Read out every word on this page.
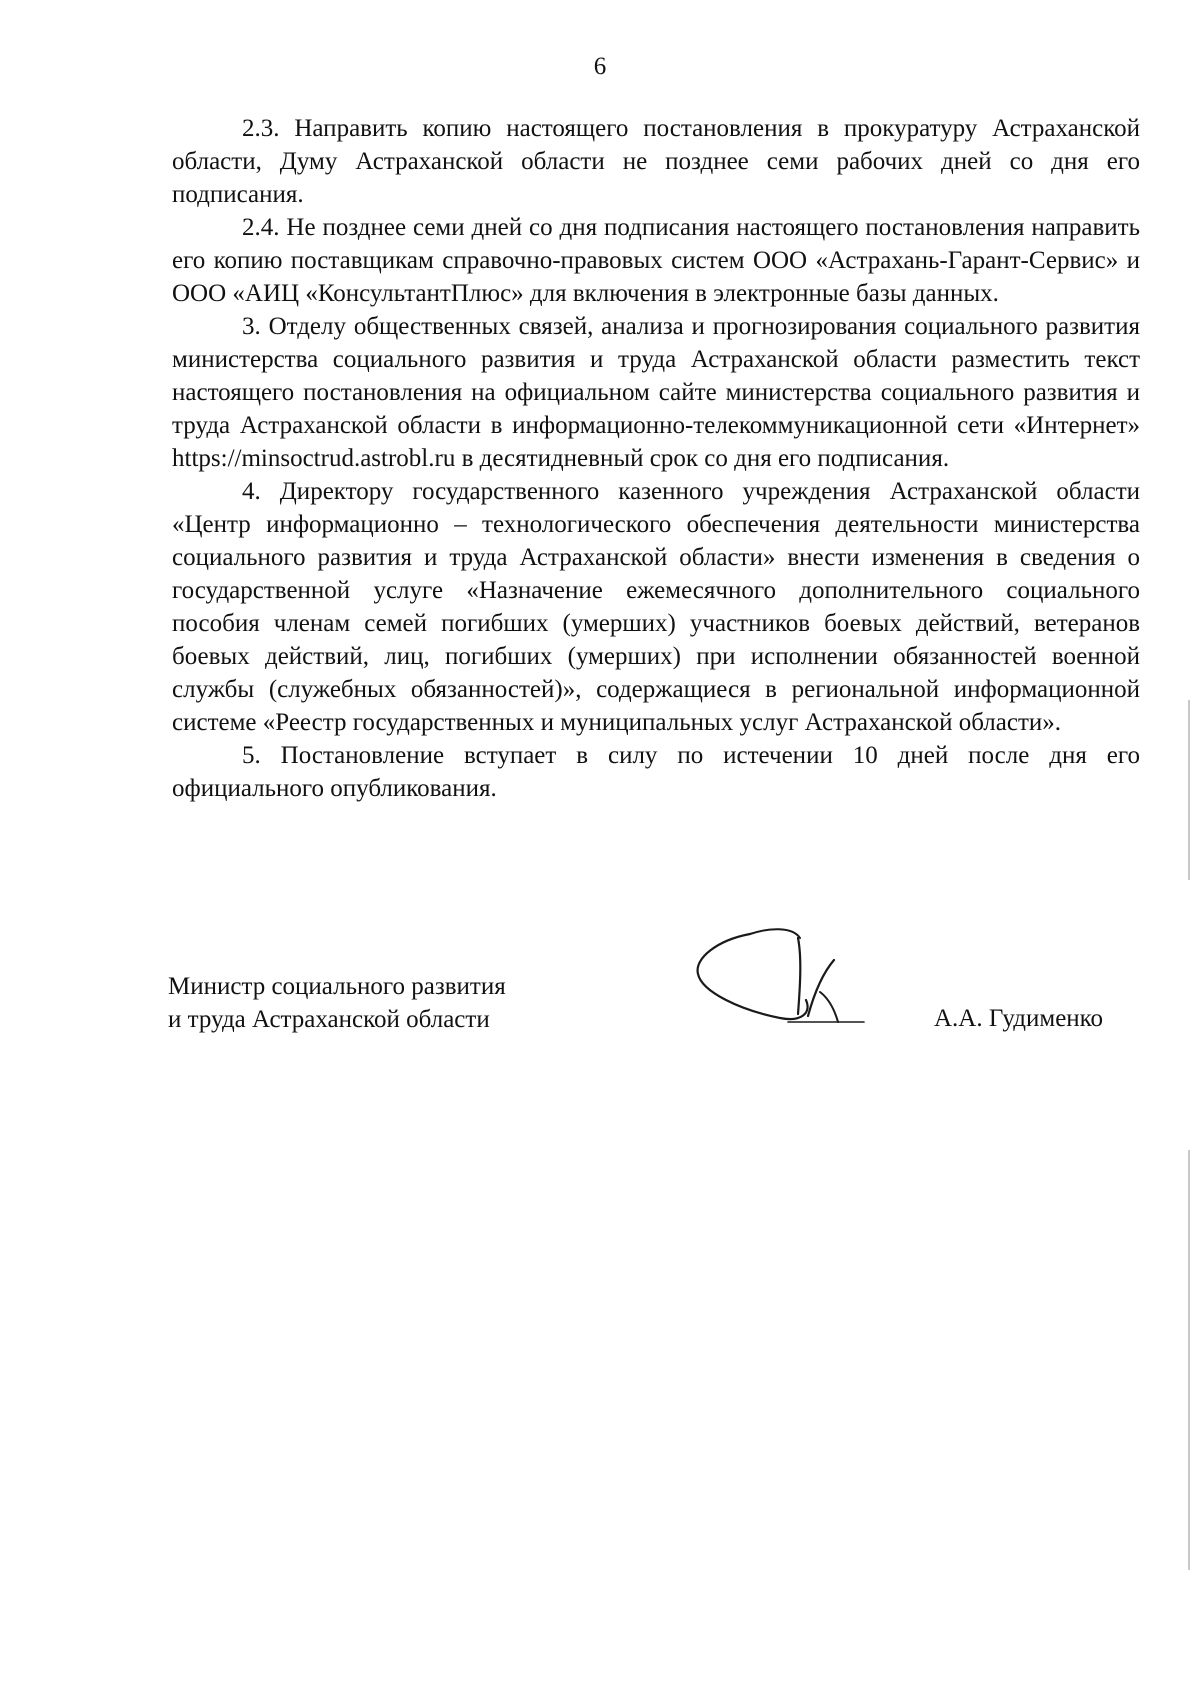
6

2.3. Направить копию настоящего постановления в прокуратуру Астраханской области, Думу Астраханской области не позднее семи рабочих дней со дня его подписания.

2.4. Не позднее семи дней со дня подписания настоящего постановления направить его копию поставщикам справочно-правовых систем ООО «Астрахань-Гарант-Сервис» и ООО «АИЦ «КонсультантПлюс» для включения в электронные базы данных.

3. Отделу общественных связей, анализа и прогнозирования социального развития министерства социального развития и труда Астраханской области разместить текст настоящего постановления на официальном сайте министерства социального развития и труда Астраханской области в информационно-телекоммуникационной сети «Интернет» https://minsoctrud.astrobl.ru в десятидневный срок со дня его подписания.

4. Директору государственного казенного учреждения Астраханской области «Центр информационно – технологического обеспечения деятельности министерства социального развития и труда Астраханской области» внести изменения в сведения о государственной услуге «Назначение ежемесячного дополнительного социального пособия членам семей погибших (умерших) участников боевых действий, ветеранов боевых действий, лиц, погибших (умерших) при исполнении обязанностей военной службы (служебных обязанностей)», содержащиеся в региональной информационной системе «Реестр государственных и муниципальных услуг Астраханской области».

5. Постановление вступает в силу по истечении 10 дней после дня его официального опубликования.

Министр социального развития
и труда Астраханской области	А.А. Гудименко
